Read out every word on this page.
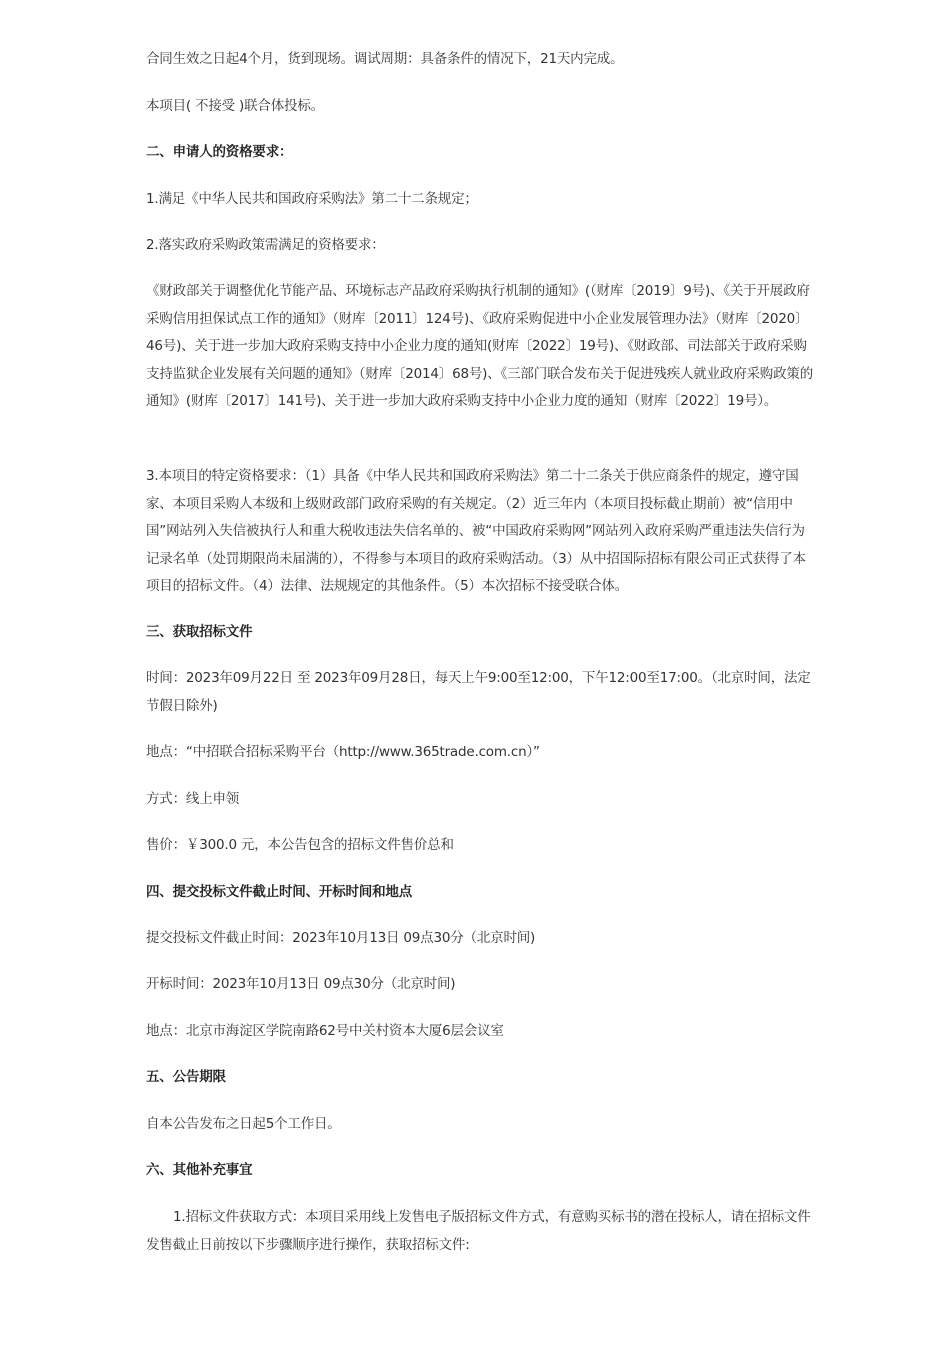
合同生效之日起4个月，货到现场。调试周期：具备条件的情况下，21天内完成。

本项目( 不接受 )联合体投标。

二、申请人的资格要求：

1.满足《中华人民共和国政府采购法》第二十二条规定；

2.落实政府采购政策需满足的资格要求：

《财政部关于调整优化节能产品、环境标志产品政府采购执行机制的通知》(（财库〔2019〕9号)、《关于开展政府采购信用担保试点工作的通知》（财库〔2011〕124号)、《政府采购促进中小企业发展管理办法》（财库〔2020〕46号)、关于进一步加大政府采购支持中小企业力度的通知(财库〔2022〕19号)、《财政部、司法部关于政府采购支持监狱企业发展有关问题的通知》（财库〔2014〕68号)、《三部门联合发布关于促进残疾人就业政府采购政策的通知》(财库〔2017〕141号)、关于进一步加大政府采购支持中小企业力度的通知（财库〔2022〕19号）。

3.本项目的特定资格要求：（1）具备《中华人民共和国政府采购法》第二十二条关于供应商条件的规定，遵守国家、本项目采购人本级和上级财政部门政府采购的有关规定。（2）近三年内（本项目投标截止期前）被“信用中国”网站列入失信被执行人和重大税收违法失信名单的、被“中国政府采购网”网站列入政府采购严重违法失信行为记录名单（处罚期限尚未届满的），不得参与本项目的政府采购活动。（3）从中招国际招标有限公司正式获得了本项目的招标文件。（4）法律、法规规定的其他条件。（5）本次招标不接受联合体。

三、获取招标文件

时间：2023年09月22日 至 2023年09月28日，每天上午9:00至12:00，下午12:00至17:00。（北京时间，法定节假日除外)

地点：“中招联合招标采购平台（http://www.365trade.com.cn）”

方式：线上申领

售价：￥300.0 元，本公告包含的招标文件售价总和

四、提交投标文件截止时间、开标时间和地点

提交投标文件截止时间：2023年10月13日 09点30分（北京时间)

开标时间：2023年10月13日 09点30分（北京时间)

地点：北京市海淀区学院南路62号中关村资本大厦6层会议室

五、公告期限

自本公告发布之日起5个工作日。

六、其他补充事宜

1.招标文件获取方式：本项目采用线上发售电子版招标文件方式，有意购买标书的潜在投标人，请在招标文件发售截止日前按以下步骤顺序进行操作，获取招标文件:
